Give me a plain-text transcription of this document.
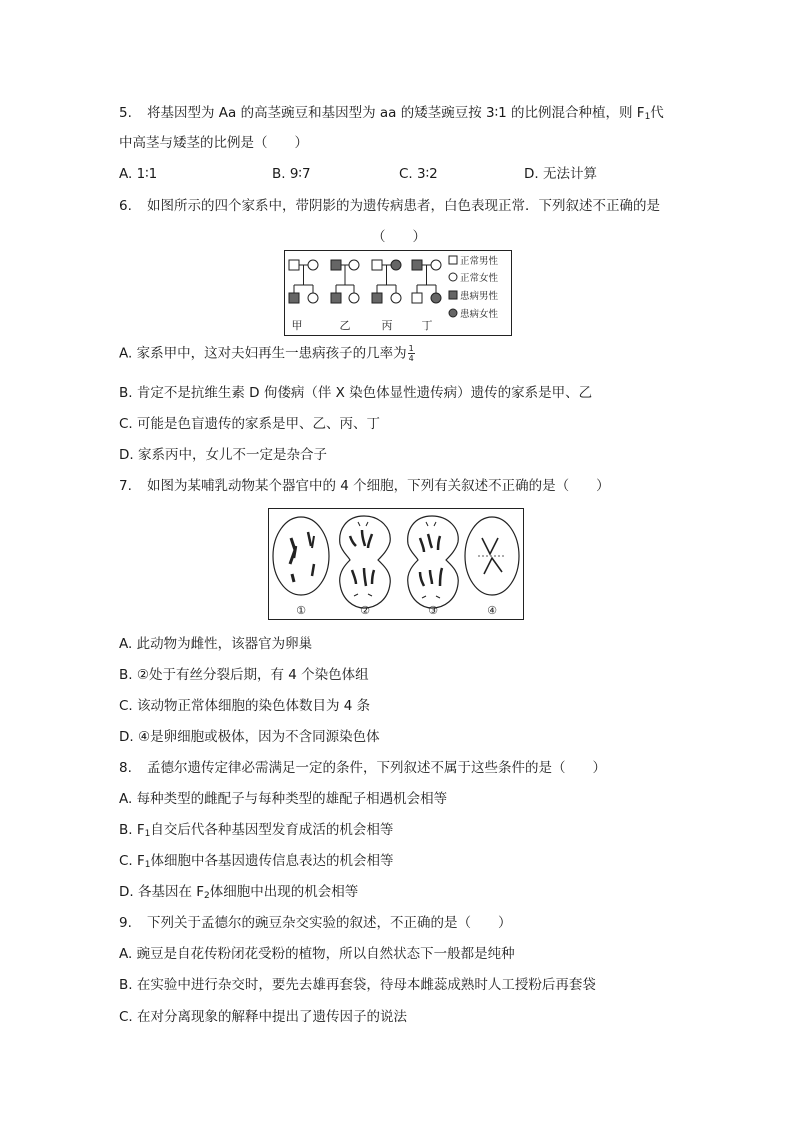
5. 将基因型为 Aa 的高茎豌豆和基因型为 aa 的矮茎豌豆按 3∶1 的比例混合种植，则 $F_1$代
中高茎与矮茎的比例是（　　）
A. 1∶1	B. 9∶7	C. 3∶2	D. 无法计算
6. 如图所示的四个家系中，带阴影的为遗传病患者，白色表现正常．下列叙述不正确的是
（　　）
甲	乙	丙	丁
正常男性
正常女性
患病男性
患病女性
A. 家系甲中，这对夫妇再生一患病孩子的几率为 $\frac{1}{4}$
B. 肯定不是抗维生素 D 佝偻病（伴 X 染色体显性遗传病）遗传的家系是甲、乙
C. 可能是色盲遗传的家系是甲、乙、丙、丁
D. 家系丙中，女儿不一定是杂合子
7. 如图为某哺乳动物某个器官中的 4 个细胞，下列有关叙述不正确的是（　　）
①	②	③	④
A. 此动物为雌性，该器官为卵巢
B. ②处于有丝分裂后期，有 4 个染色体组
C. 该动物正常体细胞的染色体数目为 4 条
D. ④是卵细胞或极体，因为不含同源染色体
8. 孟德尔遗传定律必需满足一定的条件，下列叙述不属于这些条件的是（　　）
A. 每种类型的雌配子与每种类型的雄配子相遇机会相等
B. $F_1$自交后代各种基因型发育成活的机会相等
C. $F_1$体细胞中各基因遗传信息表达的机会相等
D. 各基因在 $F_2$体细胞中出现的机会相等
9. 下列关于孟德尔的豌豆杂交实验的叙述，不正确的是（　　）
A. 豌豆是自花传粉闭花受粉的植物，所以自然状态下一般都是纯种
B. 在实验中进行杂交时，要先去雄再套袋，待母本雌蕊成熟时人工授粉后再套袋
C. 在对分离现象的解释中提出了遗传因子的说法
